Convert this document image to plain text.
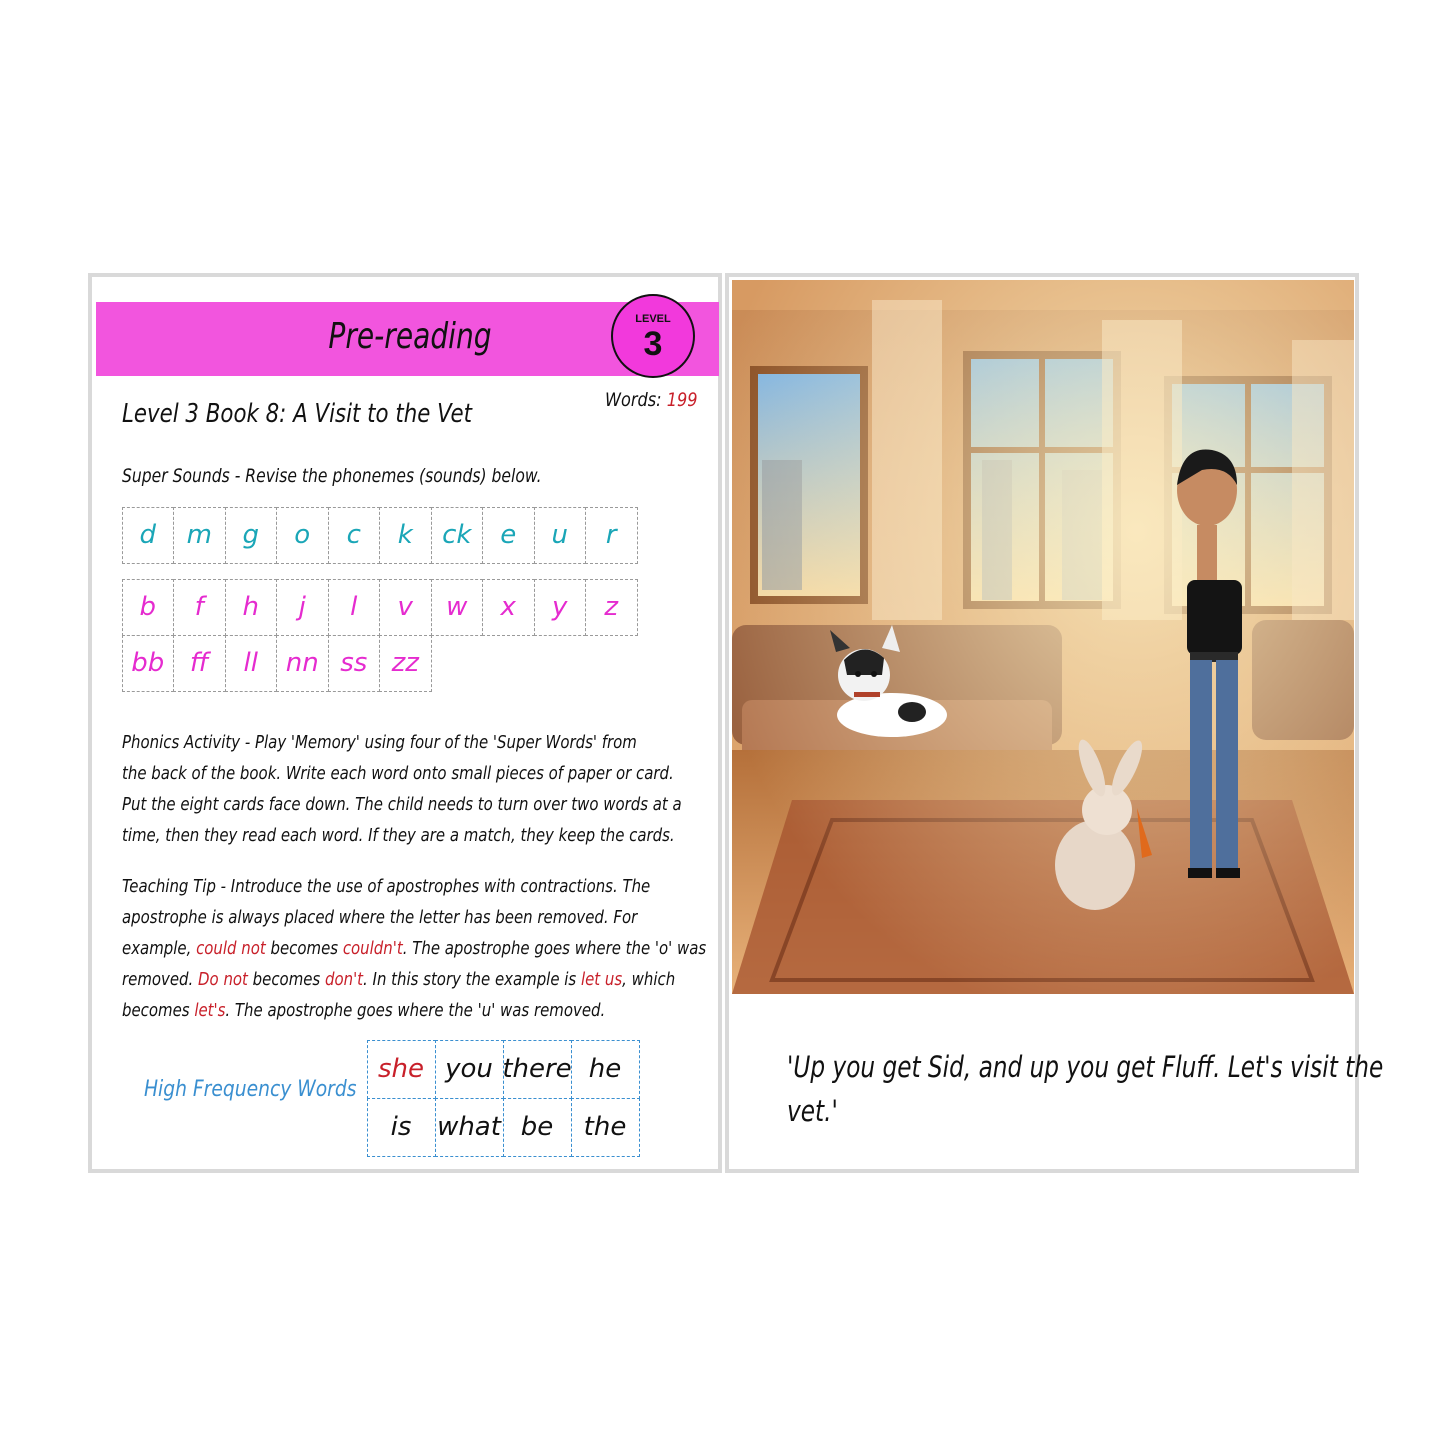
Pre-reading	LEVEL
3
Words: 199
Level 3 Book 8: A Visit to the Vet
Super Sounds - Revise the phonemes (sounds) below.
d	m	g	o	c	k	ck	e	u	r
b	f	h	j	l	v	w	x	y	z
bb ff	ll	nn ss zz
Phonics Activity - Play 'Memory' using four of the 'Super Words' from
the back of the book. Write each word onto small pieces of paper or card.
Put the eight cards face down. The child needs to turn over two words at a
time, then they read each word. If they are a match, they keep the cards.
Teaching Tip - Introduce the use of apostrophes with contractions. The
apostrophe is always placed where the letter has been removed. For
example, could not becomes couldn't. The apostrophe goes where the 'o' was
removed. Do not becomes don't. In this story the example is let us, which
becomes let's. The apostrophe goes where the 'u' was removed.
High Frequency Words
she you there he
is what be	the
'Up you get Sid, and up you get Fluff. Let's visit the vet.'
